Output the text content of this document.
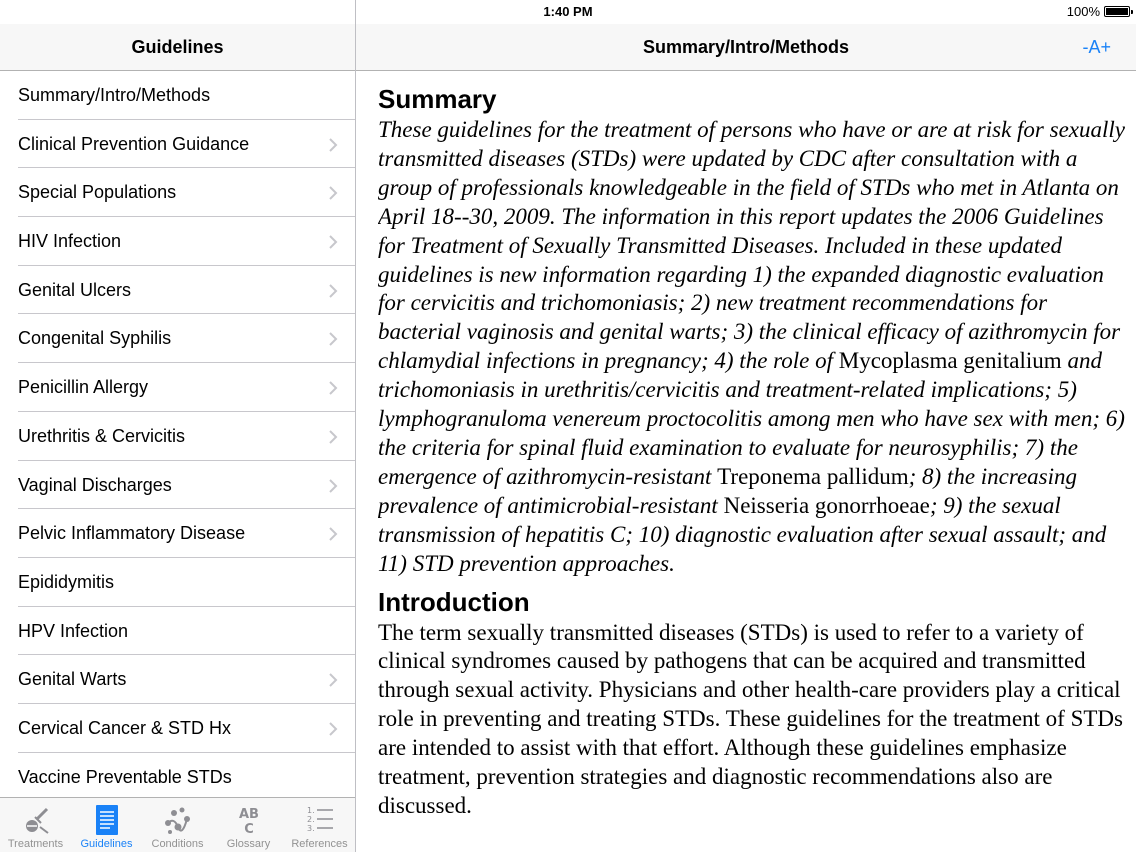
1:40 PM	100%
Guidelines
Summary/Intro/Methods
Clinical Prevention Guidance
Special Populations
HIV Infection
Genital Ulcers
Congenital Syphilis
Penicillin Allergy
Urethritis & Cervicitis
Vaginal Discharges
Pelvic Inflammatory Disease
Epididymitis
HPV Infection
Genital Warts
Cervical Cancer & STD Hx
Vaccine Preventable STDs
Treatments	Guidelines	Conditions
AB
C
Glossary
1.
2.
3.
References
Summary/Intro/Methods	-A+
Summary

These guidelines for the treatment of persons who have or are at risk for sexually transmitted diseases (STDs) were updated by CDC after consultation with a group of professionals knowledgeable in the field of STDs who met in Atlanta on April 18--30, 2009. The information in this report updates the 2006 Guidelines for Treatment of Sexually Transmitted Diseases. Included in these updated guidelines is new information regarding 1) the expanded diagnostic evaluation for cervicitis and trichomoniasis; 2) new treatment recommendations for bacterial vaginosis and genital warts; 3) the clinical efficacy of azithromycin for chlamydial infections in pregnancy; 4) the role of Mycoplasma genitalium and trichomoniasis in urethritis/cervicitis and treatment-related implications; 5) lymphogranuloma venereum proctocolitis among men who have sex with men; 6) the criteria for spinal fluid examination to evaluate for neurosyphilis; 7) the emergence of azithromycin-resistant Treponema pallidum; 8) the increasing prevalence of antimicrobial-resistant Neisseria gonorrhoeae; 9) the sexual transmission of hepatitis C; 10) diagnostic evaluation after sexual assault; and 11) STD prevention approaches.

Introduction

The term sexually transmitted diseases (STDs) is used to refer to a variety of clinical syndromes caused by pathogens that can be acquired and transmitted through sexual activity. Physicians and other health-care providers play a critical role in preventing and treating STDs. These guidelines for the treatment of STDs are intended to assist with that effort. Although these guidelines emphasize treatment, prevention strategies and diagnostic recommendations also are discussed.
